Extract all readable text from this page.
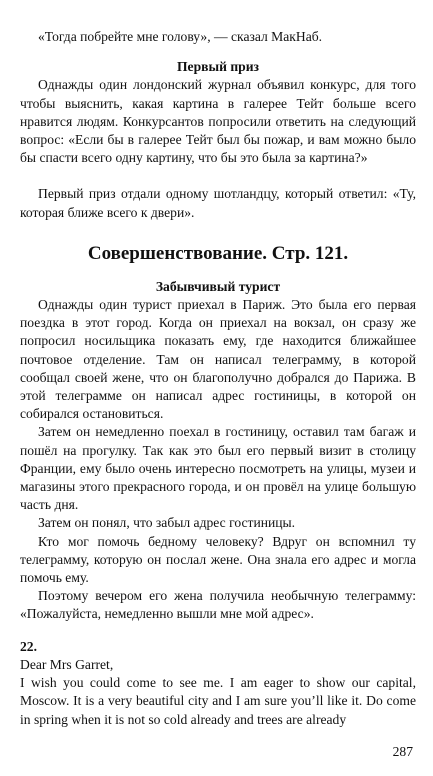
«Тогда побрейте мне голову», — сказал МакНаб.

Первый приз

Однажды один лондонский журнал объявил конкурс, для того чтобы выяснить, какая картина в галерее Тейт больше всего нравится людям. Конкурсантов попросили ответить на следующий вопрос: «Если бы в галерее Тейт был бы пожар, и вам можно было бы спасти всего одну картину, что бы это была за картина?»

Первый приз отдали одному шотландцу, который ответил: «Ту, которая ближе всего к двери».

Совершенствование. Стр. 121.

Забывчивый турист

Однажды один турист приехал в Париж. Это была его первая поездка в этот город. Когда он приехал на вокзал, он сразу же попросил носильщика показать ему, где находится ближайшее почтовое отделение. Там он написал телеграмму, в которой сообщал своей жене, что он благополучно добрался до Парижа. В этой телеграмме он написал адрес гостиницы, в которой он собирался остановиться.

Затем он немедленно поехал в гостиницу, оставил там багаж и пошёл на прогулку. Так как это был его первый визит в столицу Франции, ему было очень интересно посмотреть на улицы, музеи и магазины этого прекрасного города, и он провёл на улице большую часть дня.

Затем он понял, что забыл адрес гостиницы.

Кто мог помочь бедному человеку? Вдруг он вспомнил ту телеграмму, которую он послал жене. Она знала его адрес и могла помочь ему.

Поэтому вечером его жена получила необычную телеграмму: «Пожалуйста, немедленно вышли мне мой адрес».

22.

Dear Mrs Garret,

I wish you could come to see me. I am eager to show our capital, Moscow. It is a very beautiful city and I am sure you’ll like it. Do come in spring when it is not so cold already and trees are already

287
